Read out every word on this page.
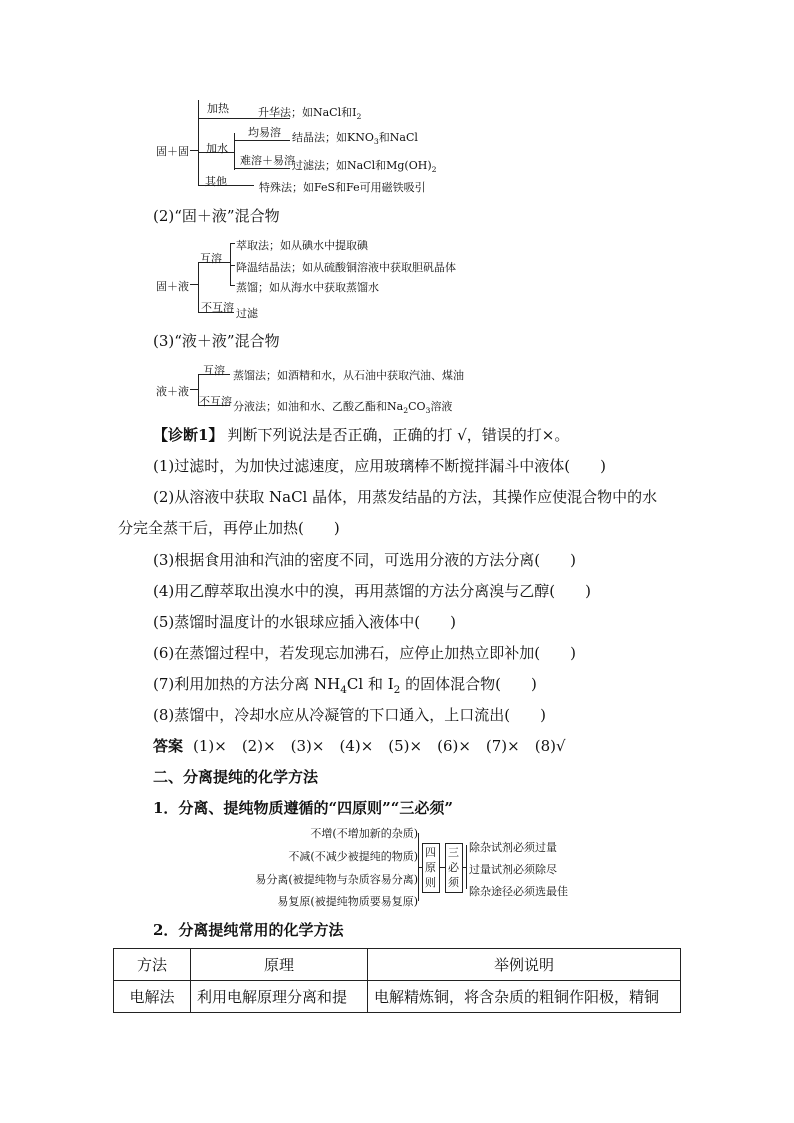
固＋固
加热	升华法；如NaCl和$I_2$
加水
均易溶 结晶法；如$KNO_3$和NaCl
难溶＋易溶
过滤法；如NaCl和$Mg(OH)_2$
其他	特殊法；如FeS和Fe可用磁铁吸引
(2)“固＋液”混合物
固＋液
互溶
萃取法；如从碘水中提取碘
降温结晶法；如从硫酸铜溶液中获取胆矾晶体
蒸馏；如从海水中获取蒸馏水
不互溶 过滤
(3)“液＋液”混合物
液＋液
互溶
不互溶
蒸馏法；如酒精和水，从石油中获取汽油、煤油
分液法；如油和水、乙酸乙酯和$Na_2CO_3$溶液
【诊断1】 判断下列说法是否正确，正确的打 √，错误的打×。
(1)过滤时，为加快过滤速度，应用玻璃棒不断搅拌漏斗中液体(　　)
(2)从溶液中获取 NaCl 晶体，用蒸发结晶的方法，其操作应使混合物中的水
分完全蒸干后，再停止加热(　　)
(3)根据食用油和汽油的密度不同，可选用分液的方法分离(　　)
(4)用乙醇萃取出溴水中的溴，再用蒸馏的方法分离溴与乙醇(　　)
(5)蒸馏时温度计的水银球应插入液体中(　　)
(6)在蒸馏过程中，若发现忘加沸石，应停止加热立即补加(　　)
(7)利用加热的方法分离 $NH_4Cl$ 和 $I_2$ 的固体混合物(　　)
(8)蒸馏中，冷却水应从冷凝管的下口通入，上口流出(　　)
答案 (1)×　(2)×　(3)×　(4)×　(5)×　(6)×　(7)×　(8)√
二、分离提纯的化学方法
1．分离、提纯物质遵循的“四原则”“三必须”
不增(不增加新的杂质)
不减(不减少被提纯的物质)
易分离(被提纯物与杂质容易分离)
易复原(被提纯物质要易复原)
四原则
三必须
除杂试剂必须过量
过量试剂必须除尽
除杂途径必须选最佳
2．分离提纯常用的化学方法
方法	原理	举例说明
电解法	利用电解原理分离和提	电解精炼铜，将含杂质的粗铜作阳极，精铜
